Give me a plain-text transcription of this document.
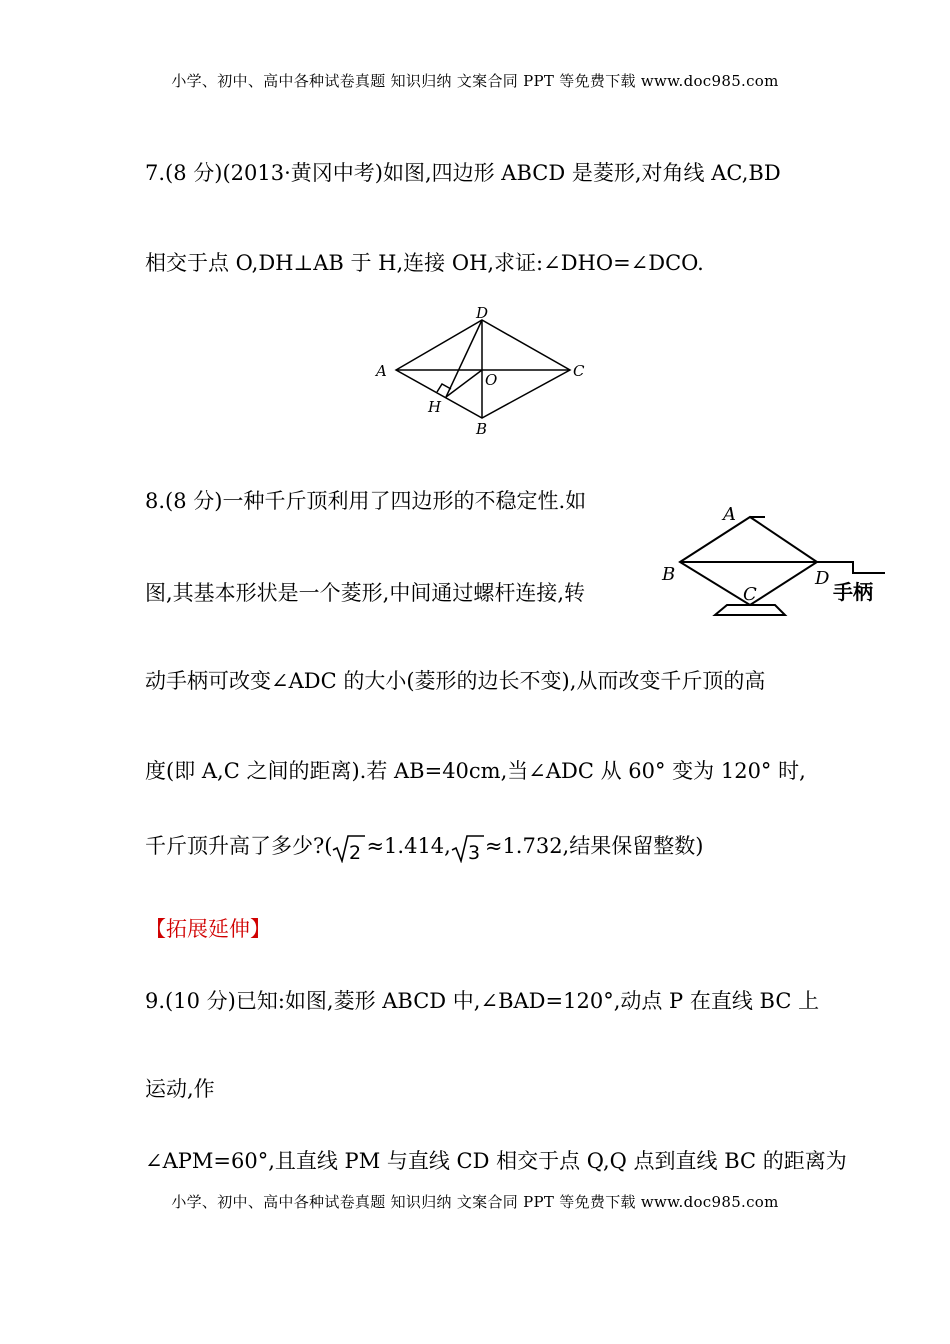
小学、初中、高中各种试卷真题 知识归纳 文案合同 PPT 等免费下载 www.doc985.com
7.(8 分)(2013·黄冈中考)如图,四边形 ABCD 是菱形,对角线 AC,BD
相交于点 O,DH⊥AB 于 H,连接 OH,求证:∠DHO=∠DCO.
D
A	C
O
H
B
8.(8 分)一种千斤顶利用了四边形的不稳定性.如
图,其基本形状是一个菱形,中间通过螺杆连接,转
A
B
C
D
手柄
动手柄可改变∠ADC 的大小(菱形的边长不变),从而改变千斤顶的高
度(即 A,C 之间的距离).若 AB=40cm,当∠ADC 从 60° 变为 120° 时,
千斤顶升高了多少?( 2 ≈1.414, 3 ≈1.732,结果保留整数)
【拓展延伸】
9.(10 分)已知:如图,菱形 ABCD 中,∠BAD=120°,动点 P 在直线 BC 上
运动,作
∠APM=60°,且直线 PM 与直线 CD 相交于点 Q,Q 点到直线 BC 的距离为
小学、初中、高中各种试卷真题 知识归纳 文案合同 PPT 等免费下载 www.doc985.com
